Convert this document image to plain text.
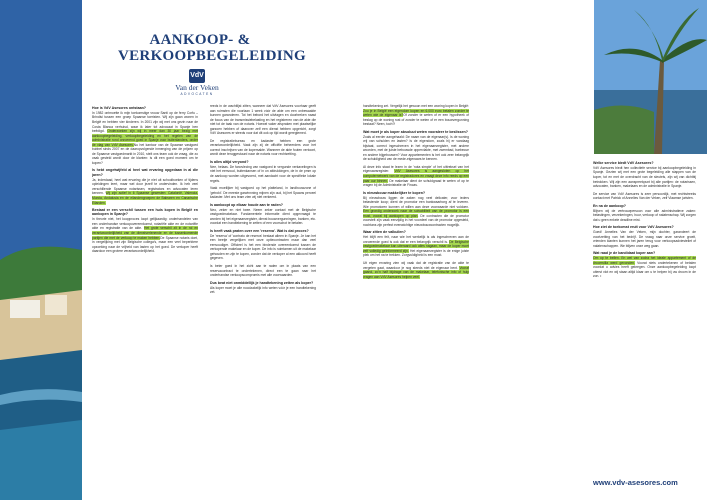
AANKOOP- & VERKOOPBEGELEIDING
VdV
Van der Veken
ADVOCATEN
Hoe is VdV Asesores ontstaan?

In 1982 ontmoette ik mijn toekomstige vrouw Santi op de ferry Corfu – Brindisi tussen een groep Spaanse toeristen. Wij zijn gaan wonen in België en hebben vier kinderen. In 2001 zijn wij met ons gezin naar de Costa Blanca verhuisd, waar ik later tot advocaat in Spanje ben beëdigd. Onderzoeken zijn wij in meer dan 30 jaar bezig met aankoopbegeleiding, verkoopbegeleiding en het regelen van de administratie rond onroerend goed in Spanje voor buitenlanders, onder de vlag van VdV Asesores.Nu het kantoor van de Spaanse vastgoed bubbel sinds 2007 en de daaropvolgende inmenging van de prijzen op de Spaanse vastgoedmarkt in 2010, stelt ons team ook de vraag, die zo vaak gesteld wordt door de klanten: is dit een goed moment om te kopen?

Is hebt ongetwijfeld al heel wat ervaring opgedaan in al die jaren?

Ja, inderdaad, heel wat ervaring die je niet uit schoolboeken of tijdens opleidingen leert, maar wel door jezelf te ondervinden. Ik heb veel verschillende Spaanse notarissen, registrators en advocaten leren kennen. Wij zijn actief in 6 Spaanse gewesten: Catalonië, Valencia, Murcia, Andalusia en de eilandengroepen de Balearen en Canarische Eilanden.

Bestaat er een verschil tussen een huis kopen in België en aankopen in Spanje?

In theorie niet, het koopproces loopt gelijkaardig: onderhandelen van een onderhandse verkoopovereenkomst, notariële akte en de notariële akte en registratie van de akte. Het grote verschil zit in de rol en verantwoordelijkheid van de dienstverlenende en de tussenkomende partijen die met de verkoop te maken hebben.De Spaanse notaris doet, in vergelijking met zijn Belgische collega's, maar een veel beperktere opzoeking naar de vrijheid van lasten op het goed. De verkoper heeft daardoor een grotere verantwoordelijkheid.

reeds in de wachtlijst zitten, wanneer dat VdV Asesores voorhaar geeft aan ruimsten die voorlaan 1 week vóór de akte om een onbewaakte kunnen garanderen. Tot het bebord het uitvlagen en doorbreken naast de focus van de transmissiebelasting en het registreren van de akte die niet tot de taak van de notaris. Hoewel vaker afspraken met plaatselijke garzoen hebben of daarover zelf een dienst hebben opgericht, zorgt VdV Asesores er steeds voor dat dit ook op tijd wordt gereglemed.

De registratiebureau en kadaster hebben een grote verantwoordelijkheid. Vaak zijn zij de officiële beheerders voor het correct inschrijven van de kopersakte. Wanneer de akte fouten vertoont, wordt deze teruggestuurd naar de notaris voor rechtzetting.

Is alles altijd veryond?

Nee, helaas. De fanovlecing van vastgoed in vergunde verkavelingen is niet het eenvoud, buitenkansen of in on afdrukkingen, de in de pmm op de aankoop worden uitgevoerd, met aandacht voor de specifieke lokale regels.

Vaak moeilijker bij vastgoed op het platteland, in landbouwzone of 'getrokt'. De meeste garwinnning mijnen zijn oud, bij het Spaans perceel kadaster. Met ons team zien wij niet verkeerd.

Is aankoopt op elkaar houde aan te raden?

Neo, zeker en niet twee. Neem zeker contact met de Belgische vastgoedmakelaar. Fundamentele informatie dient opgevraagd te worden bij het eigenaarsregister, dienst bouwvergunningen, banken, etc. voordat een handtekening te zetten of een voorschot te betalen.

Is heeft vaak praten over een 'reserva'. Wat is dat proces?

De 'reserva' of 'contrato de reserva' bestaat alleen in Spanje. Je kan het een beetje vergelijken met onze optiecontracten maar dan veel eenvoudiger. Officieel is het een bindende overeenkomst tussen de verkopende makelaar en de koper. De info is ruimtamen uit de makelaar gehouden en zijn te kopen, zonder dat de verkoper al een akkoord heeft gegeven.

Is beter goed in het zicht aan te raden om in plaats van een reservacontract te ondertekenen, direct een te gaan naar het onderhandse verkoopscompromis met alle voorwaarden.

Dus beat niet onmiddellijk je handtekening zetten als koper?

Als koper moet je alle noodzakelijk info weten vóór je een handtekening zet.

handtekening zet. Vergelijk het gewoon met een woning kopen in België: Zou je in België een eigendom kopen en 6.000 euro betalen zonder te weten wie de eigenaar is?Of zonder te weten of er een hypotheek of beslag op de woning rust of zonder te weten of er een bouwvergunning bestaat? Neen, toch?!

Wat moet je als koper absoluut weten vooraleer te beslissen?

Zoals al eerder aangehaald: De naam van de eigenaar(s). Is de woning vrij van schulden en lasten? Is de eigendom, zoals hij er vandaag bijstaat, correct ingeschreven in het eigenaarsregister, met andere woorden, met de juiste bebouwde oppervlakte, met zwembad, barbecue en andere bijgebouwen? Voor appartementen is het ook zeer belangrijk de schuldigheid van de mede-eigenaars te kennen.

Al deze info staat te lezen in de 'nota simple' of het uittreksel van het eigenaarsregister. VdV Asesores is aangesloten op het computernetwerk van de registradores en vraagt deze info reeds op een paar uur binnen. De makelaar dient de schuldgraad te weten of op te vragen bij de Administratie de Fincas.

Is nieuwbouw makkelijker te kopen?

Bij nieuwbouw liggen de zaken nog veel delicater, voor ieders belastende koop; dient de promotor een bankwaarborg af te leveren. Wie promotoren kunnen of willen aan deze voorwaarde niet voldoen. Een grondig onderzoek naar de solvabiliteit van de promotor is een must, vooral bij aankopen op plan. De contracten die de promotor voorstelt zijn vaak eenzijdig in het voordeel van de promotor opgesteld, nochtans zijn perfect evenwichtige nieuwbouwcontracten mogelijk.

Waar zitten de valkuilen?

Het blijft een feit, naar wie het werkelijk is als ingeschreven aan de onroerende goed is ook dat er een belangrijk verschil is. De Belgische vastgoedmakelaar kan uiteraard ook alles nagaan, maar de koper moet zelf volledig geïnformeerd zijn. Het eigenaarsregister is de enige juiste plek om het na te trekken. Zorgvuldigheid is een must.

Uit eigen ervaring zien wij vaak dat de registratie van de akte te vergeten gaat, waardoor je nog steeds niet de eigenaar bent. Vooraf gaand, zo'n half bijdrage van de makelaar, telefonische info of hulp vragen aan VdV Asesores helpen veel.

Welke service biedt VdV Asesores?

VdV Asesores biedt hen collectiefe service bij aankoopbegeleiding in Spanje. Gezien wij met een grote begeleiding alle stappen van de koper, tot en met de overdracht van de sleutels, zijn wij van dichtbij betrokken. Wij zijn een aanspreekpunt bij alle partijen: de notarissen, advocaten, banken, makelaars en de administratie in Spanje.

De service van VdV Asesores is zeer persoonlijk, met rechtstreeks contact met Patrick of Annelies Van der Veken, zelf Vlaamse juristen.

En na de aankoop?

Blijven wij de vertrouwpersoon voor alle administratieve zaken: belastingen, verzekeringen, huur, verkoop of nalatenschap. Wij zorgen dat u geen enkele deadline mist.

Hoe ziet de toekomst eruit voor VdV Asesores?

Goed! Annelies Van der Veken, mijn dochter, garandeert de voortzetting van het bedrijf. De vraag naar onze service groeit, vrienden klanten kunnen het jaren terug voor verkoopsadviesteliet of nalatenschappen. We blijven onze weg gaan.

Wat raad je de kandidaat koper aan?

Om op te bellen. En wel van zodra het ideale appartement of de droomvilla werd gevonden. Voorat niets ondertekenen of betalen voordat u advies heeft gekregen. Onze aankoopbegeleiding loopt uiterst vlot en wij staan altijd klaar om u te helpen bij uw droom in de zon. •

www.vdv-asesores.com
